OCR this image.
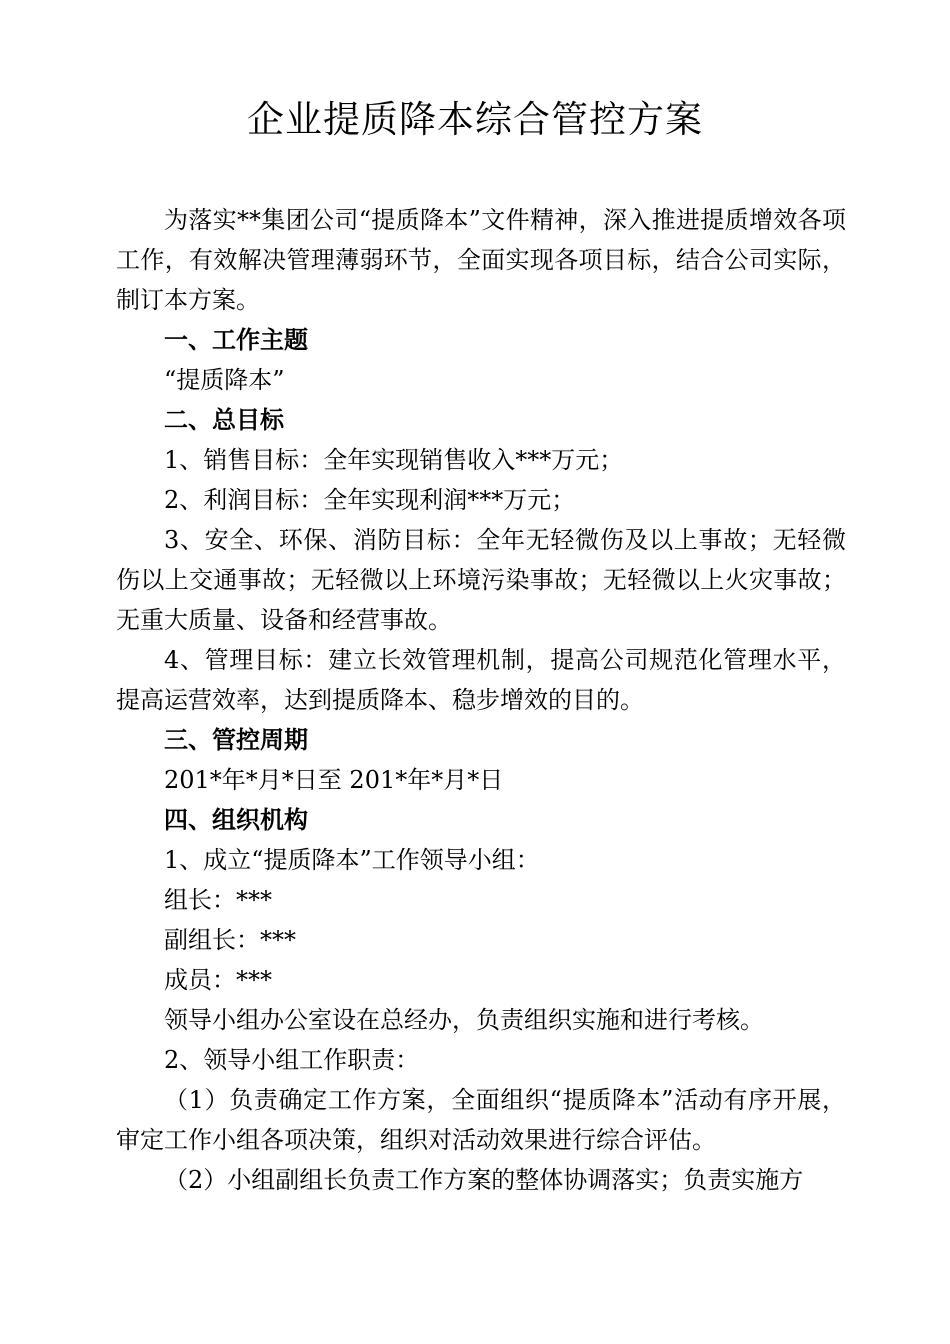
企业提质降本综合管控方案

为落实**集团公司“提质降本”文件精神，深入推进提质增效各项工作，有效解决管理薄弱环节，全面实现各项目标，结合公司实际，制订本方案。

一、工作主题

“提质降本”

二、总目标

1、销售目标：全年实现销售收入***万元；

2、利润目标：全年实现利润***万元；

3、安全、环保、消防目标：全年无轻微伤及以上事故；无轻微伤以上交通事故；无轻微以上环境污染事故；无轻微以上火灾事故；无重大质量、设备和经营事故。

4、管理目标：建立长效管理机制，提高公司规范化管理水平，提高运营效率，达到提质降本、稳步增效的目的。

三、管控周期

201*年*月*日至 201*年*月*日

四、组织机构

1、成立“提质降本”工作领导小组：

组长：***

副组长：***

成员：***

领导小组办公室设在总经办，负责组织实施和进行考核。

2、领导小组工作职责：

（1）负责确定工作方案，全面组织“提质降本”活动有序开展，审定工作小组各项决策，组织对活动效果进行综合评估。

（2）小组副组长负责工作方案的整体协调落实；负责实施方
